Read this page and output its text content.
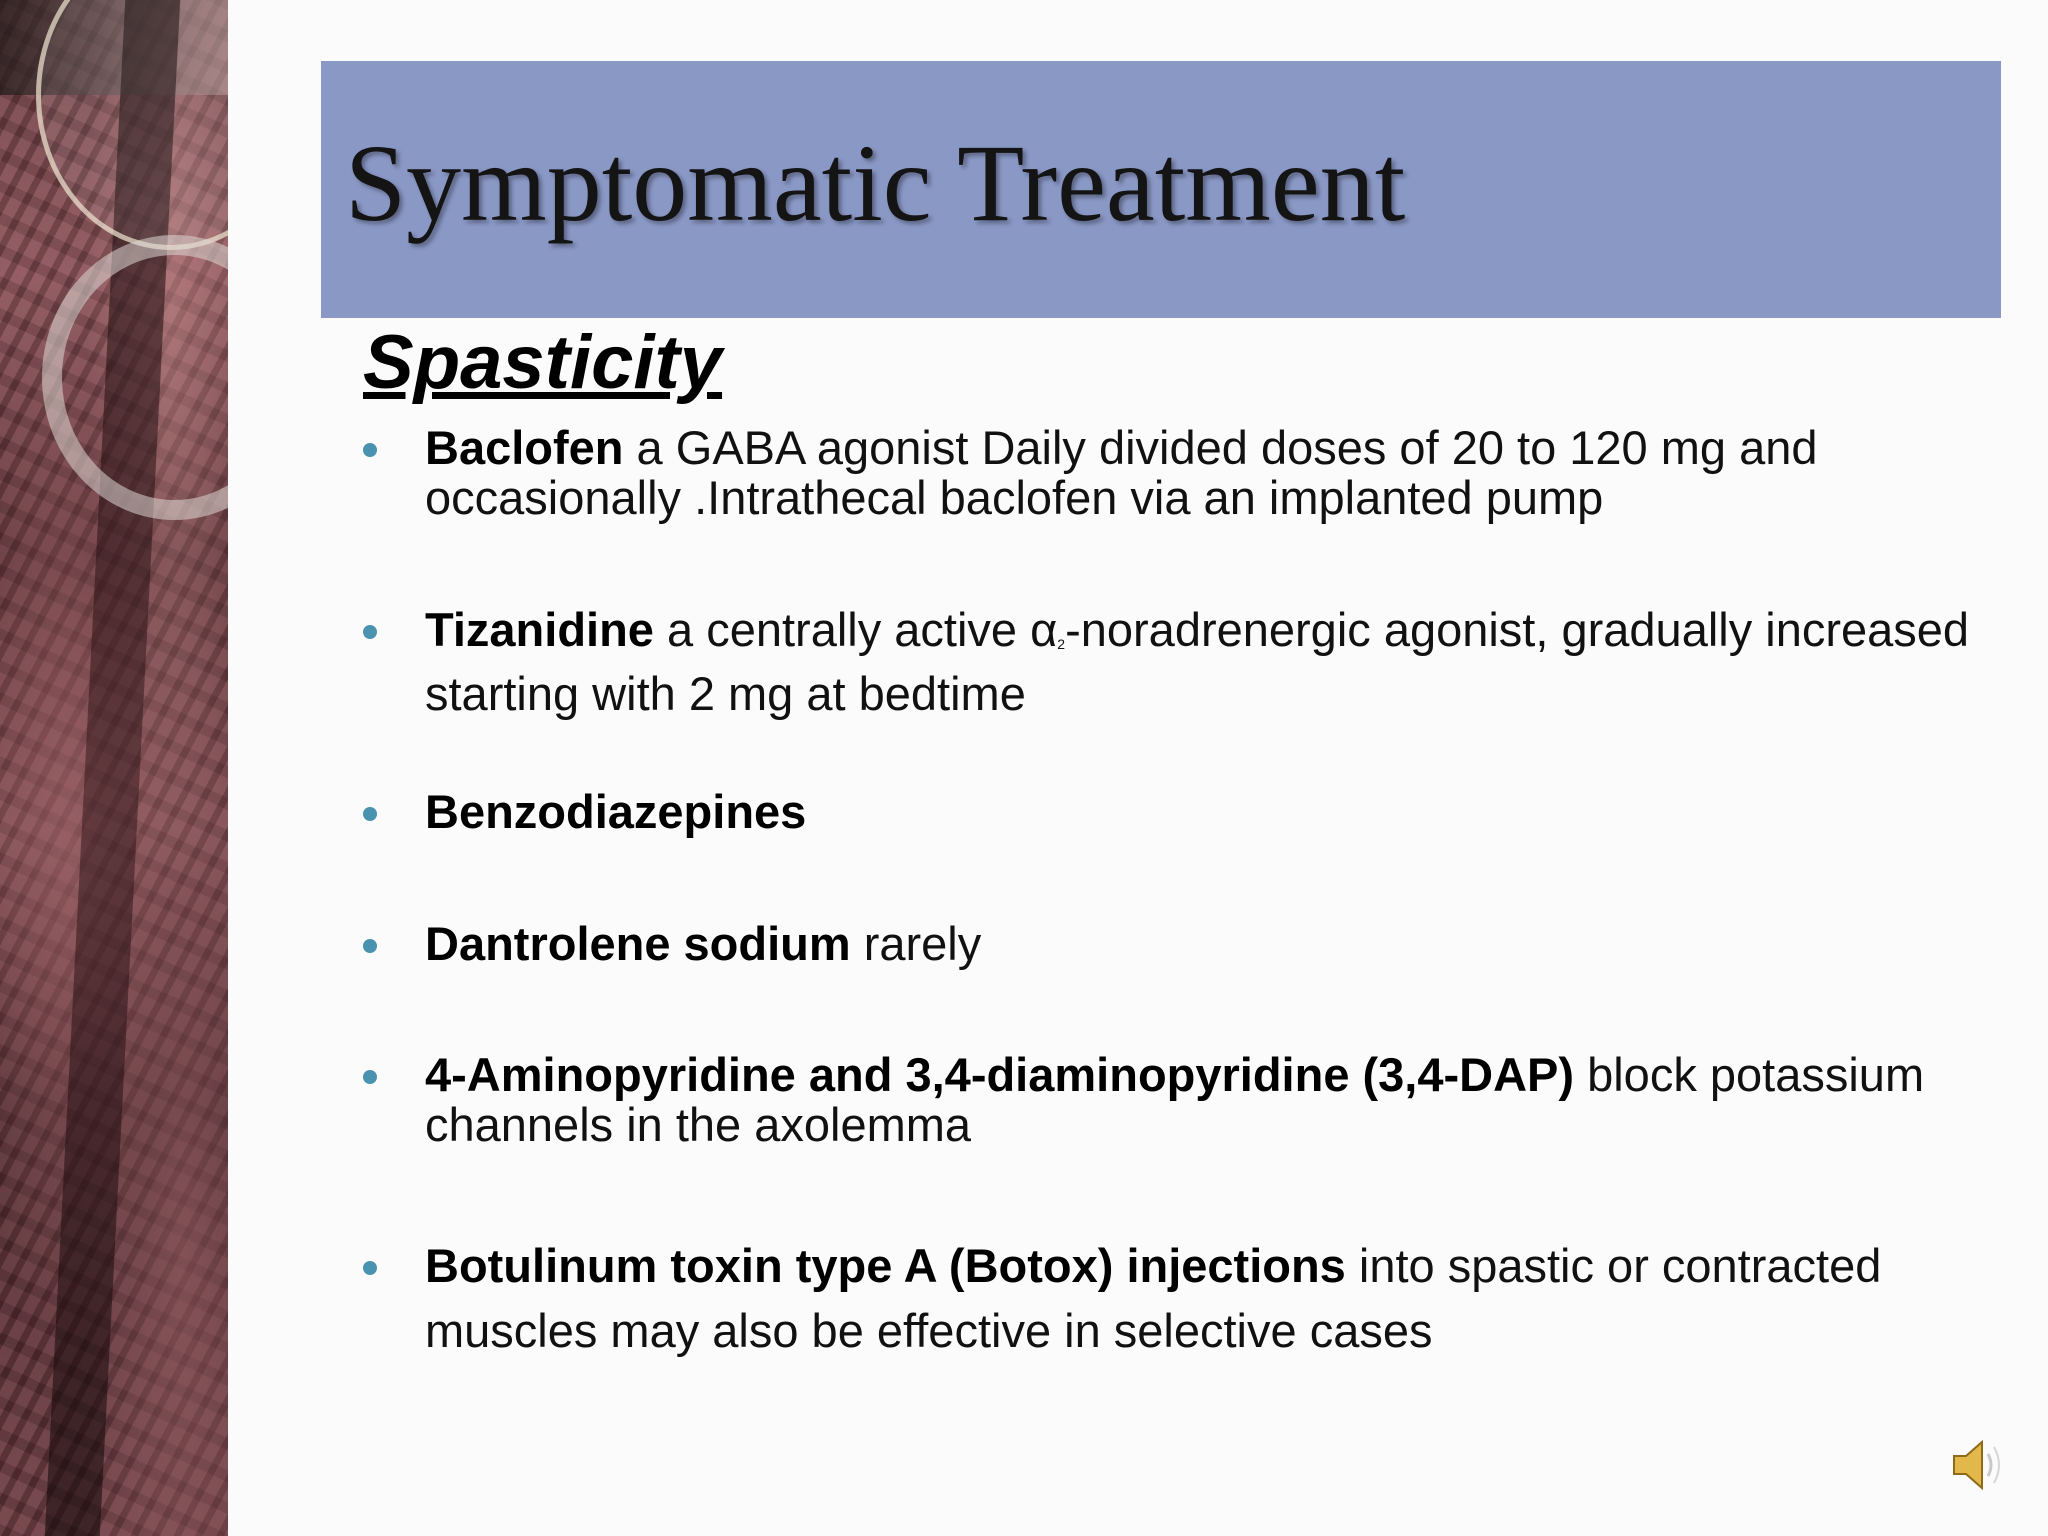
Symptomatic Treatment
Spasticity
Baclofen a GABA agonist Daily divided doses of 20 to 120 mg and occasionally .Intrathecal baclofen via an implanted pump
Tizanidine a centrally active $\alpha_2$-noradrenergic agonist, gradually increased starting with 2 mg at bedtime
Benzodiazepines
Dantrolene sodium rarely
4-Aminopyridine and 3,4-diaminopyridine (3,4-DAP) block potassium channels in the axolemma
Botulinum toxin type A (Botox) injections into spastic or contracted muscles may also be effective in selective cases
